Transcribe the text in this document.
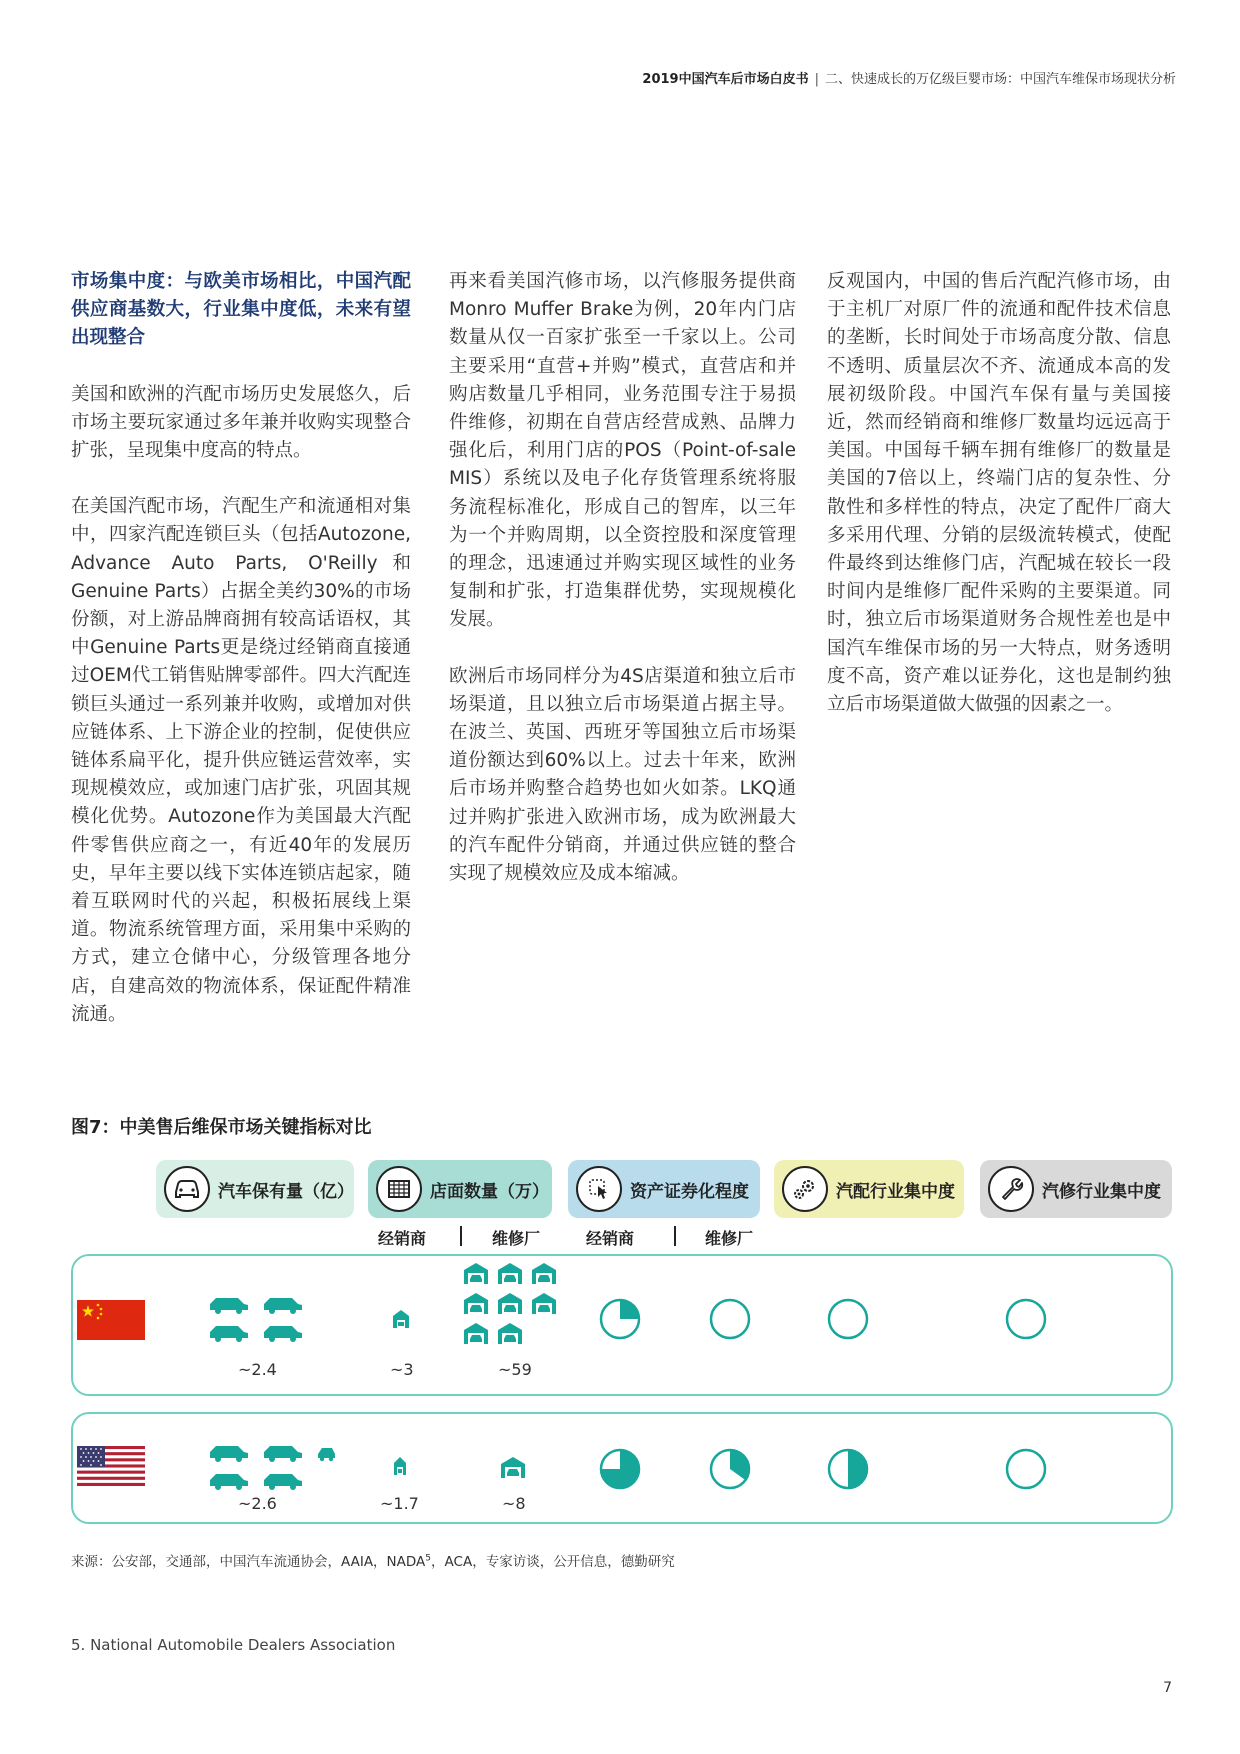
2019中国汽车后市场白皮书 | 二、快速成长的万亿级巨婴市场：中国汽车维保市场现状分析

市场集中度：与欧美市场相比，中国汽配供应商基数大，行业集中度低，未来有望出现整合

美国和欧洲的汽配市场历史发展悠久，后市场主要玩家通过多年兼并收购实现整合扩张，呈现集中度高的特点。

在美国汽配市场，汽配生产和流通相对集中，四家汽配连锁巨头（包括Autozone, Advance Auto Parts, O'Reilly和Genuine Parts）占据全美约30%的市场份额，对上游品牌商拥有较高话语权，其中Genuine Parts更是绕过经销商直接通过OEM代工销售贴牌零部件。四大汽配连锁巨头通过一系列兼并收购，或增加对供应链体系、上下游企业的控制，促使供应链体系扁平化，提升供应链运营效率，实现规模效应，或加速门店扩张，巩固其规模化优势。Autozone作为美国最大汽配件零售供应商之一，有近40年的发展历史，早年主要以线下实体连锁店起家，随着互联网时代的兴起，积极拓展线上渠道。物流系统管理方面，采用集中采购的方式，建立仓储中心，分级管理各地分店，自建高效的物流体系，保证配件精准流通。

再来看美国汽修市场，以汽修服务提供商Monro Muffer Brake为例，20年内门店数量从仅一百家扩张至一千家以上。公司主要采用“直营+并购”模式，直营店和并购店数量几乎相同，业务范围专注于易损件维修，初期在自营店经营成熟、品牌力强化后，利用门店的POS（Point-of-sale MIS）系统以及电子化存货管理系统将服务流程标准化，形成自己的智库，以三年为一个并购周期，以全资控股和深度管理的理念，迅速通过并购实现区域性的业务复制和扩张，打造集群优势，实现规模化发展。

欧洲后市场同样分为4S店渠道和独立后市场渠道，且以独立后市场渠道占据主导。在波兰、英国、西班牙等国独立后市场渠道份额达到60%以上。过去十年来，欧洲后市场并购整合趋势也如火如荼。LKQ通过并购扩张进入欧洲市场，成为欧洲最大的汽车配件分销商，并通过供应链的整合实现了规模效应及成本缩减。

反观国内，中国的售后汽配汽修市场，由于主机厂对原厂件的流通和配件技术信息的垄断，长时间处于市场高度分散、信息不透明、质量层次不齐、流通成本高的发展初级阶段。中国汽车保有量与美国接近，然而经销商和维修厂数量均远远高于美国。中国每千辆车拥有维修厂的数量是美国的7倍以上，终端门店的复杂性、分散性和多样性的特点，决定了配件厂商大多采用代理、分销的层级流转模式，使配件最终到达维修门店，汽配城在较长一段时间内是维修厂配件采购的主要渠道。同时，独立后市场渠道财务合规性差也是中国汽车维保市场的另一大特点，财务透明度不高，资产难以证券化，这也是制约独立后市场渠道做大做强的因素之一。

图7：中美售后维保市场关键指标对比
汽车保有量（亿）	店面数量（万）	资产证券化程度	汽配行业集中度	汽修行业集中度
经销商	维修厂	经销商	维修厂
~2.4	~3	~59
~2.6	~1.7	~8
来源：公安部，交通部，中国汽车流通协会，AAIA，NADA$^5$，ACA，专家访谈，公开信息，德勤研究
5. National Automobile Dealers Association
7
